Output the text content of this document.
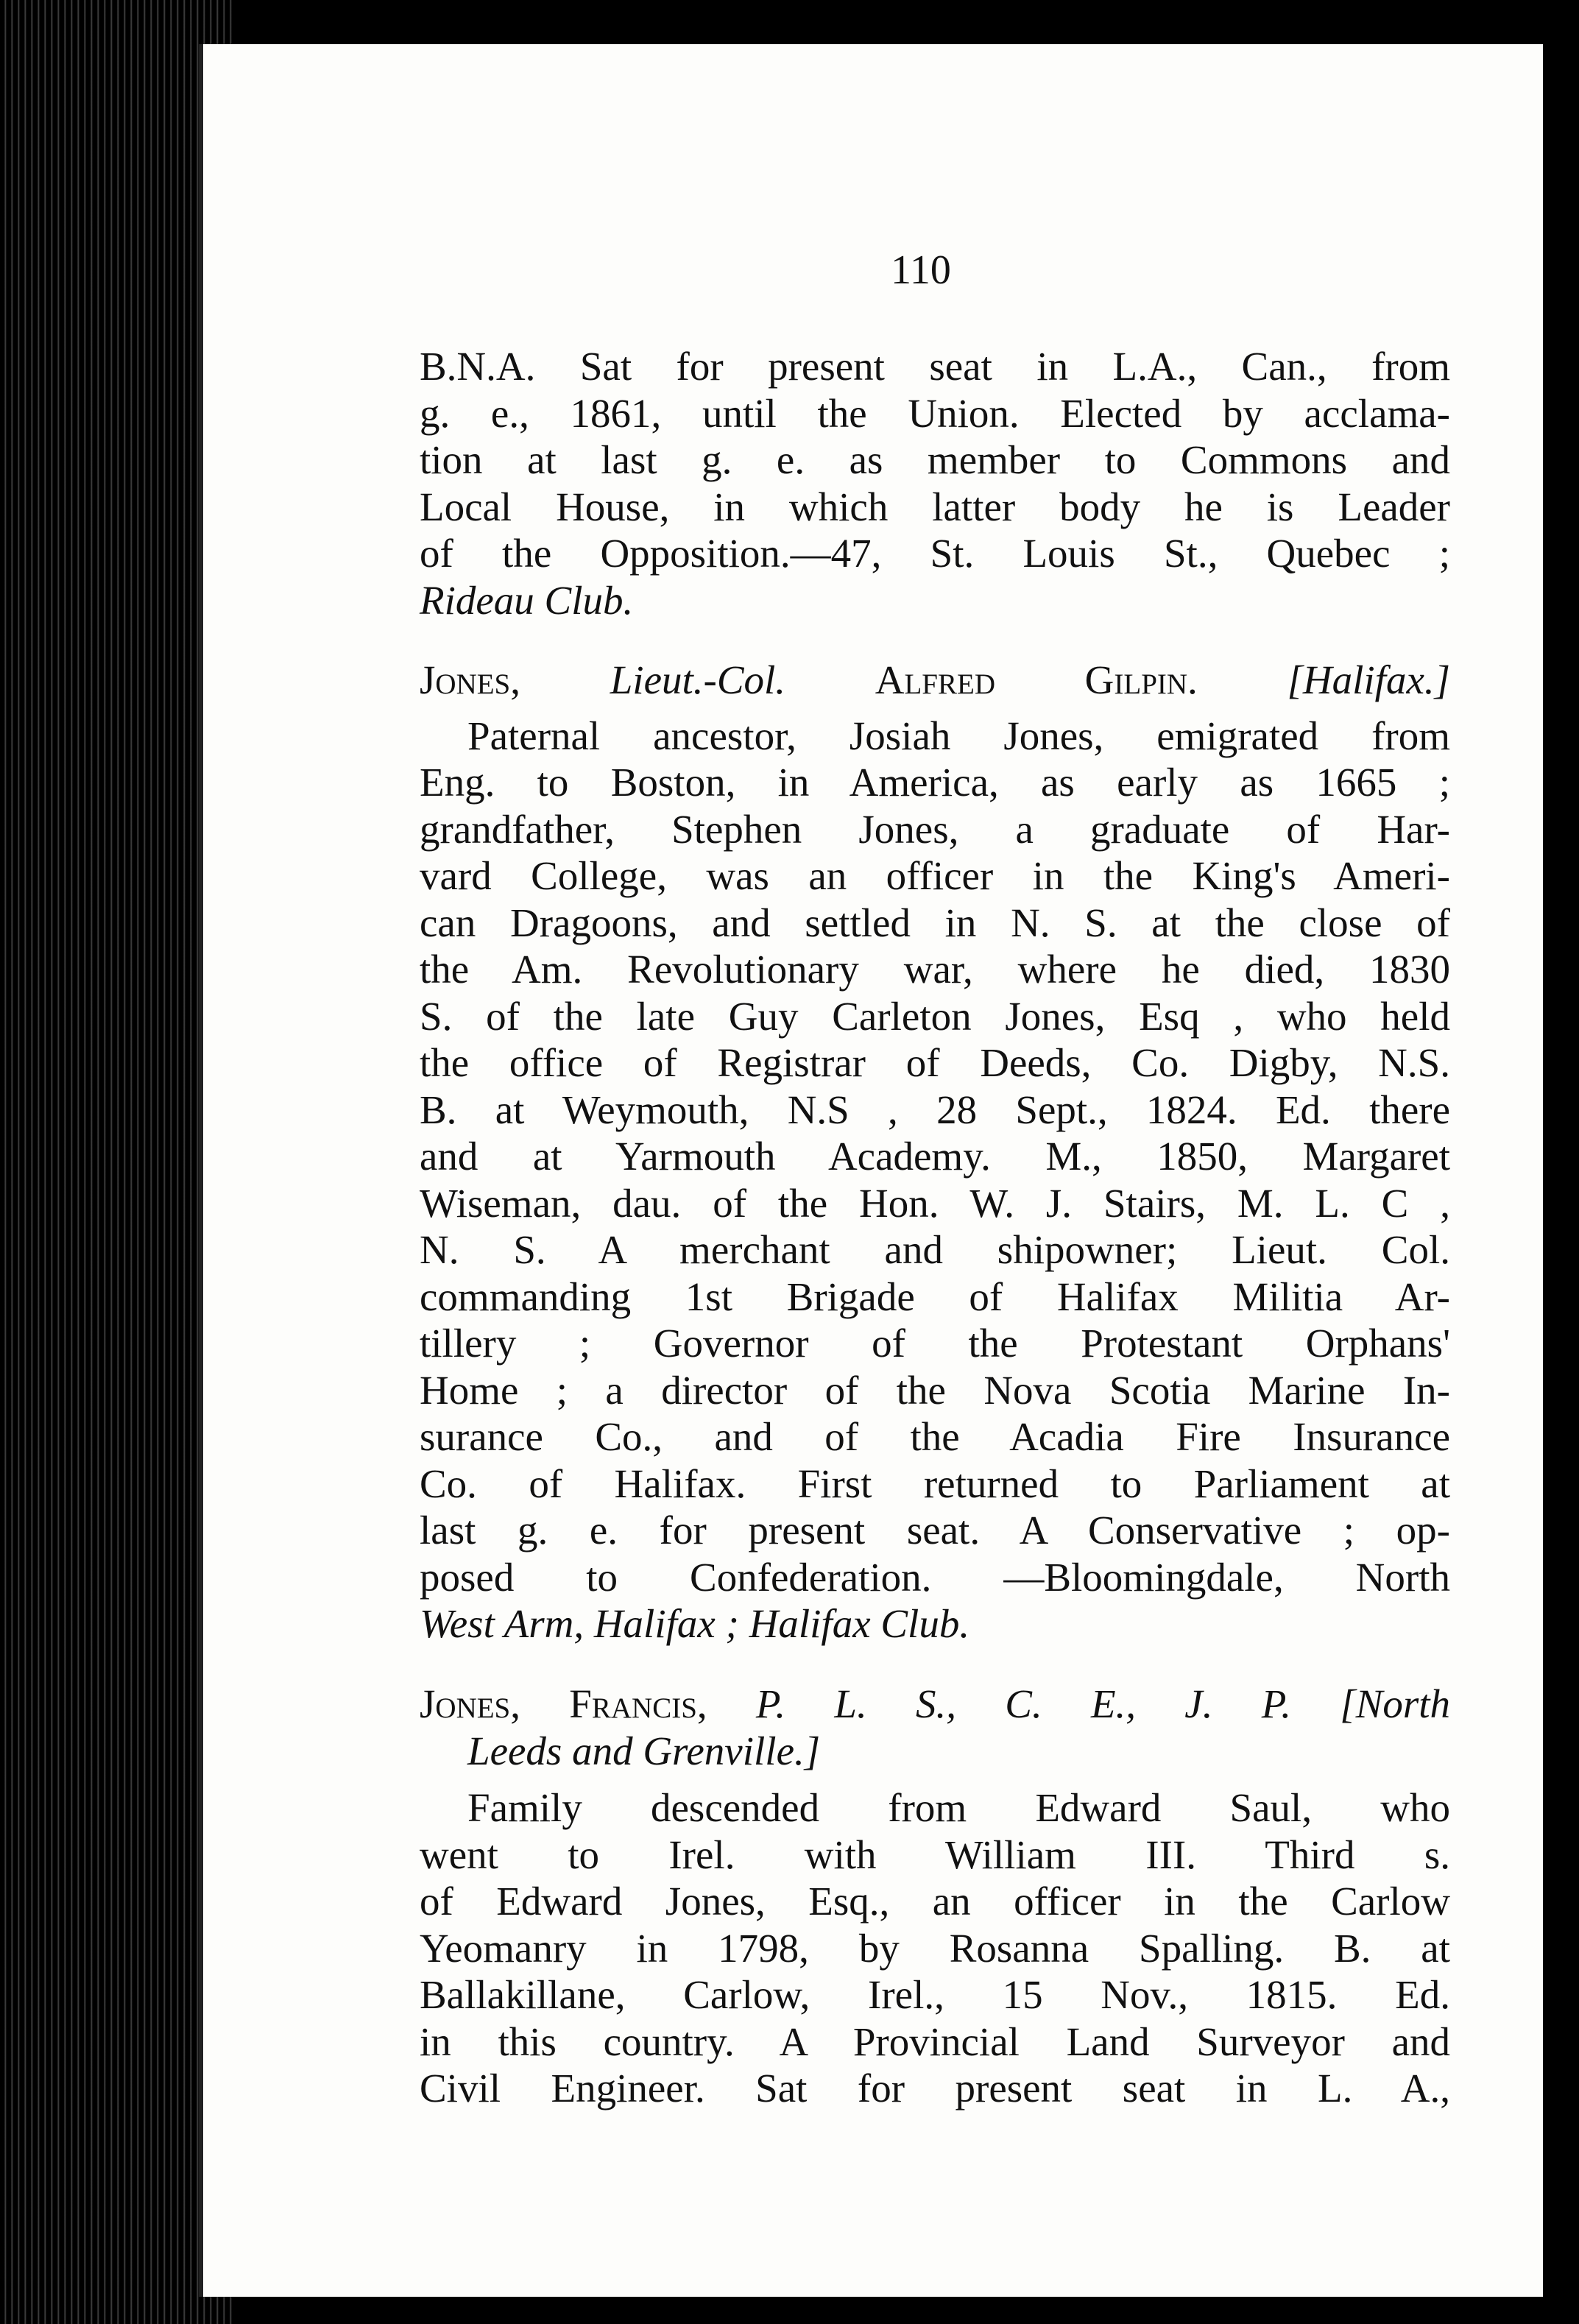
110
B.N.A. Sat for present seat in L.A., Can., from
g. e., 1861, until the Union. Elected by acclama-
tion at last g. e. as member to Commons and
Local House, in which latter body he is Leader
of the Opposition.—47, St. Louis St., Quebec ;
Rideau Club.
Jones, Lieut.-Col. Alfred Gilpin. [Halifax.]
Paternal ancestor, Josiah Jones, emigrated from
Eng. to Boston, in America, as early as 1665 ;
grandfather, Stephen Jones, a graduate of Har-
vard College, was an officer in the King's Ameri-
can Dragoons, and settled in N. S. at the close of
the Am. Revolutionary war, where he died, 1830
S. of the late Guy Carleton Jones, Esq , who held
the office of Registrar of Deeds, Co. Digby, N.S.
B. at Weymouth, N.S , 28 Sept., 1824. Ed. there
and at Yarmouth Academy. M., 1850, Margaret
Wiseman, dau. of the Hon. W. J. Stairs, M. L. C ,
N. S. A merchant and shipowner; Lieut. Col.
commanding 1st Brigade of Halifax Militia Ar-
tillery ; Governor of the Protestant Orphans'
Home ; a director of the Nova Scotia Marine In-
surance Co., and of the Acadia Fire Insurance
Co. of Halifax. First returned to Parliament at
last g. e. for present seat. A Conservative ; op-
posed to Confederation. —Bloomingdale, North
West Arm, Halifax ; Halifax Club.
Jones, Francis, P. L. S., C. E., J. P. [North
Leeds and Grenville.]
Family descended from Edward Saul, who
went to Irel. with William III. Third s.
of Edward Jones, Esq., an officer in the Carlow
Yeomanry in 1798, by Rosanna Spalling. B. at
Ballakillane, Carlow, Irel., 15 Nov., 1815. Ed.
in this country. A Provincial Land Surveyor and
Civil Engineer. Sat for present seat in L. A.,
